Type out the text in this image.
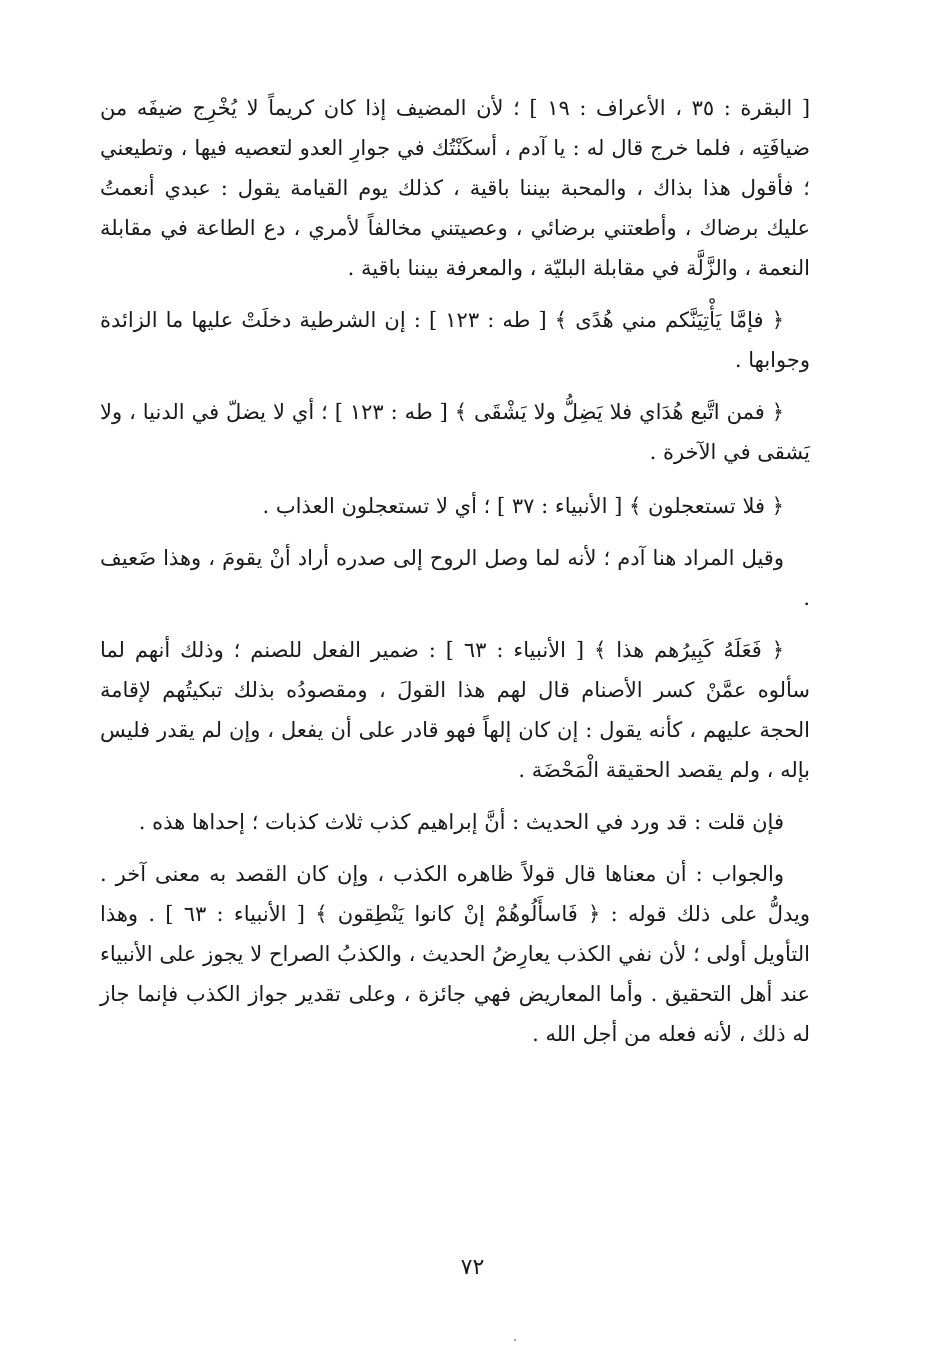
[ البقرة : ٣٥ ، الأعراف : ١٩ ] ؛ لأن المضيف إذا كان كريماً لا يُخْرِج ضيفَه من ضيافَتِه ، فلما خرج قال له : يا آدم ، أسكَنْتُك في جوارِ العدو لتعصيه فيها ، وتطيعني ؛ فأقول هذا بذاك ، والمحبة بيننا باقية ، كذلك يوم القيامة يقول : عبدي أنعمتُ عليك برضاك ، وأطعتني برضائي ، وعصيتني مخالفاً لأمري ، دع الطاعة في مقابلة النعمة ، والزَّلَّة في مقابلة البليّة ، والمعرفة بيننا باقية .

﴿ فإمَّا يَأْتِيَنَّكم مني هُدًى ﴾ [ طه : ١٢٣ ] : إن الشرطية دخلَتْ عليها ما الزائدة وجوابها .

﴿ فمن اتَّبع هُدَاي فلا يَضِلُّ ولا يَشْقَى ﴾ [ طه : ١٢٣ ] ؛ أي لا يضلّ في الدنيا ، ولا يَشقى في الآخرة .

﴿ فلا تستعجلون ﴾ [ الأنبياء : ٣٧ ] ؛ أي لا تستعجلون العذاب .

وقيل المراد هنا آدم ؛ لأنه لما وصل الروح إلى صدره أراد أنْ يقومَ ، وهذا ضَعيف .

﴿ فَعَلَهُ كَبِيرُهم هذا ﴾ [ الأنبياء : ٦٣ ] : ضمير الفعل للصنم ؛ وذلك أنهم لما سألوه عمَّنْ كسر الأصنام قال لهم هذا القولَ ، ومقصودُه بذلك تبكيتُهم لإقامة الحجة عليهم ، كأنه يقول : إن كان إلهاً فهو قادر على أن يفعل ، وإن لم يقدر فليس بإله ، ولم يقصد الحقيقة الْمَحْضَة .

فإن قلت : قد ورد في الحديث : أنَّ إبراهيم كذب ثلاث كذبات ؛ إحداها هذه .

والجواب : أن معناها قال قولاً ظاهره الكذب ، وإن كان القصد به معنى آخر . ويدلُّ على ذلك قوله : ﴿ فَاسأَلُوهُمْ إنْ كانوا يَنْطِقون ﴾ [ الأنبياء : ٦٣ ] . وهذا التأويل أولى ؛ لأن نفي الكذب يعارِضُ الحديث ، والكذبُ الصراح لا يجوز على الأنبياء عند أهل التحقيق . وأما المعاريض فهي جائزة ، وعلى تقدير جواز الكذب فإنما جاز له ذلك ، لأنه فعله من أجل الله .

٧٢
